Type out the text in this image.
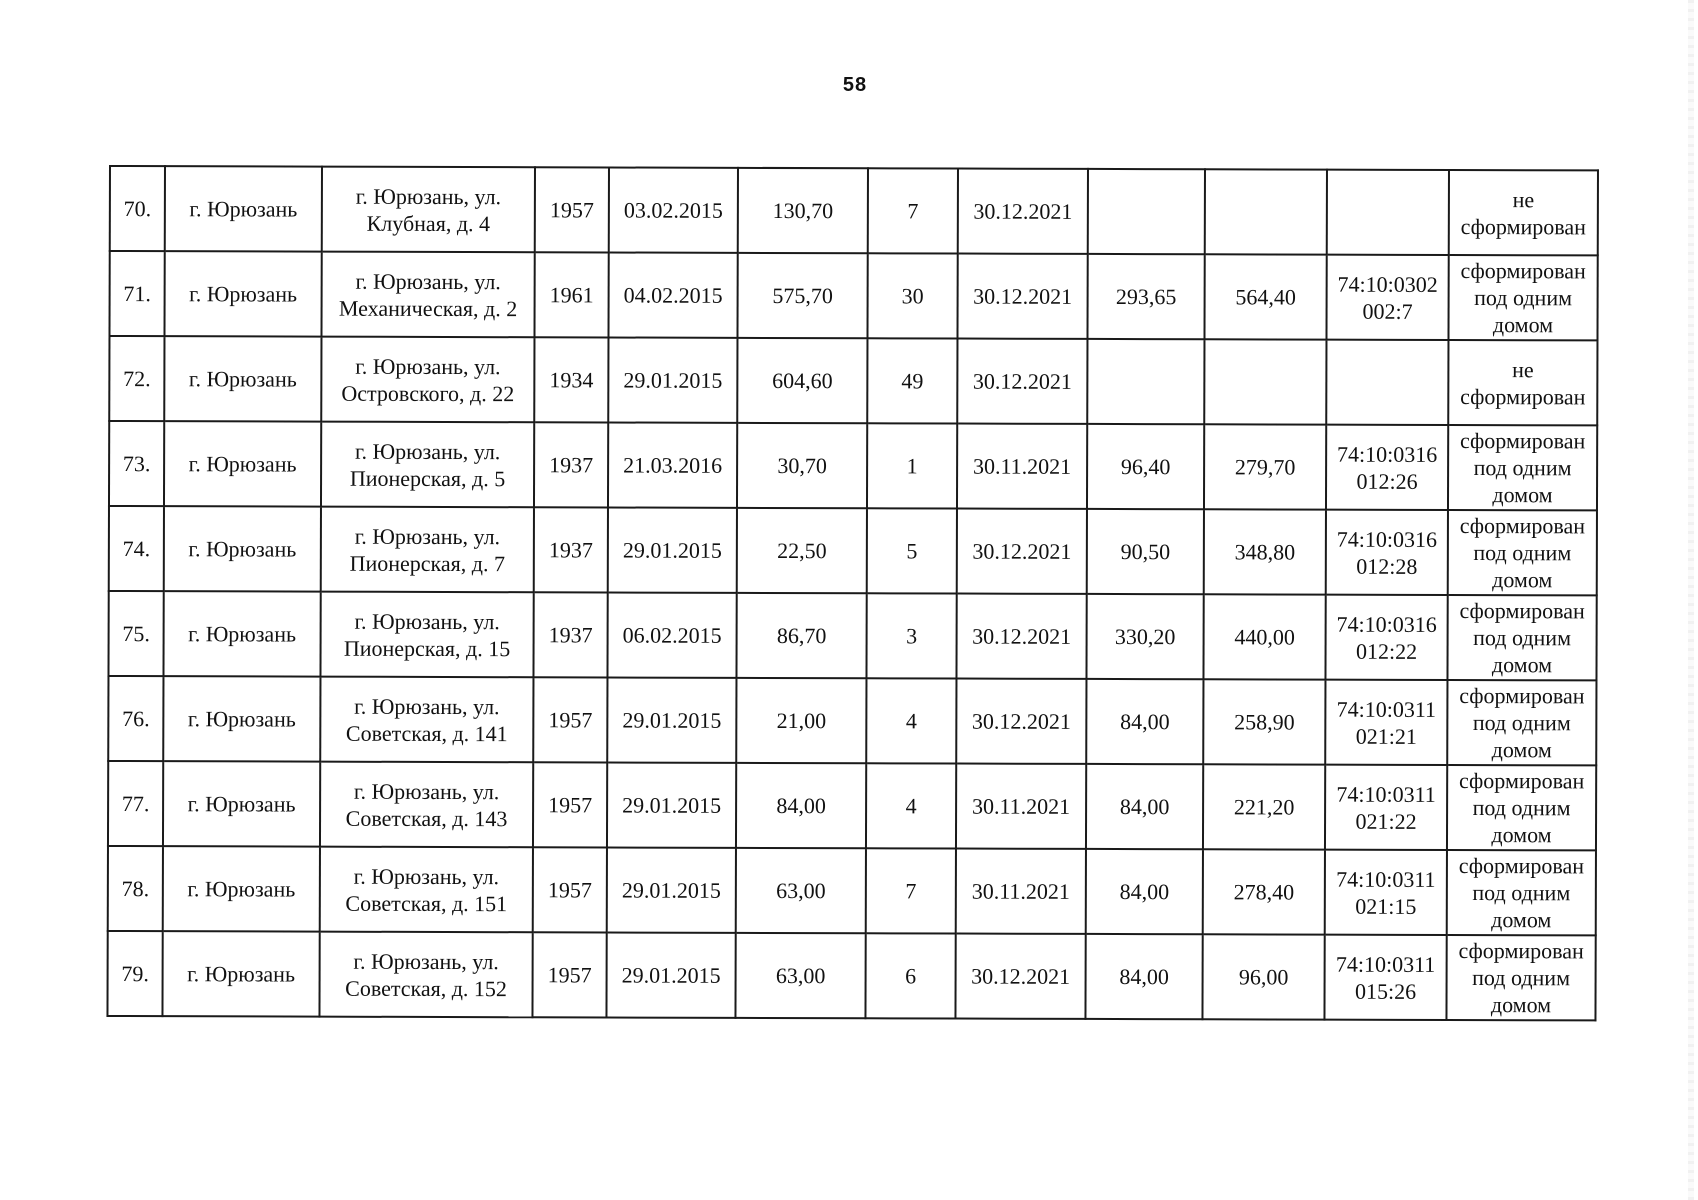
58
70.	г. Юрюзань	г. Юрюзань, ул. Клубная, д. 4	1957	03.02.2015	130,70	7	30.12.2021				не сформирован
71.	г. Юрюзань	г. Юрюзань, ул. Механическая, д. 2	1961	04.02.2015	575,70	30	30.12.2021	293,65	564,40	74:10:0302 002:7	сформирован под одним домом
72.	г. Юрюзань	г. Юрюзань, ул. Островского, д. 22	1934	29.01.2015	604,60	49	30.12.2021				не сформирован
73.	г. Юрюзань	г. Юрюзань, ул. Пионерская, д. 5	1937	21.03.2016	30,70	1	30.11.2021	96,40	279,70	74:10:0316 012:26	сформирован под одним домом
74.	г. Юрюзань	г. Юрюзань, ул. Пионерская, д. 7	1937	29.01.2015	22,50	5	30.12.2021	90,50	348,80	74:10:0316 012:28	сформирован под одним домом
75.	г. Юрюзань	г. Юрюзань, ул. Пионерская, д. 15	1937	06.02.2015	86,70	3	30.12.2021	330,20	440,00	74:10:0316 012:22	сформирован под одним домом
76.	г. Юрюзань	г. Юрюзань, ул. Советская, д. 141	1957	29.01.2015	21,00	4	30.12.2021	84,00	258,90	74:10:0311 021:21	сформирован под одним домом
77.	г. Юрюзань	г. Юрюзань, ул. Советская, д. 143	1957	29.01.2015	84,00	4	30.11.2021	84,00	221,20	74:10:0311 021:22	сформирован под одним домом
78.	г. Юрюзань	г. Юрюзань, ул. Советская, д. 151	1957	29.01.2015	63,00	7	30.11.2021	84,00	278,40	74:10:0311 021:15	сформирован под одним домом
79.	г. Юрюзань	г. Юрюзань, ул. Советская, д. 152	1957	29.01.2015	63,00	6	30.12.2021	84,00	96,00	74:10:0311 015:26	сформирован под одним домом
